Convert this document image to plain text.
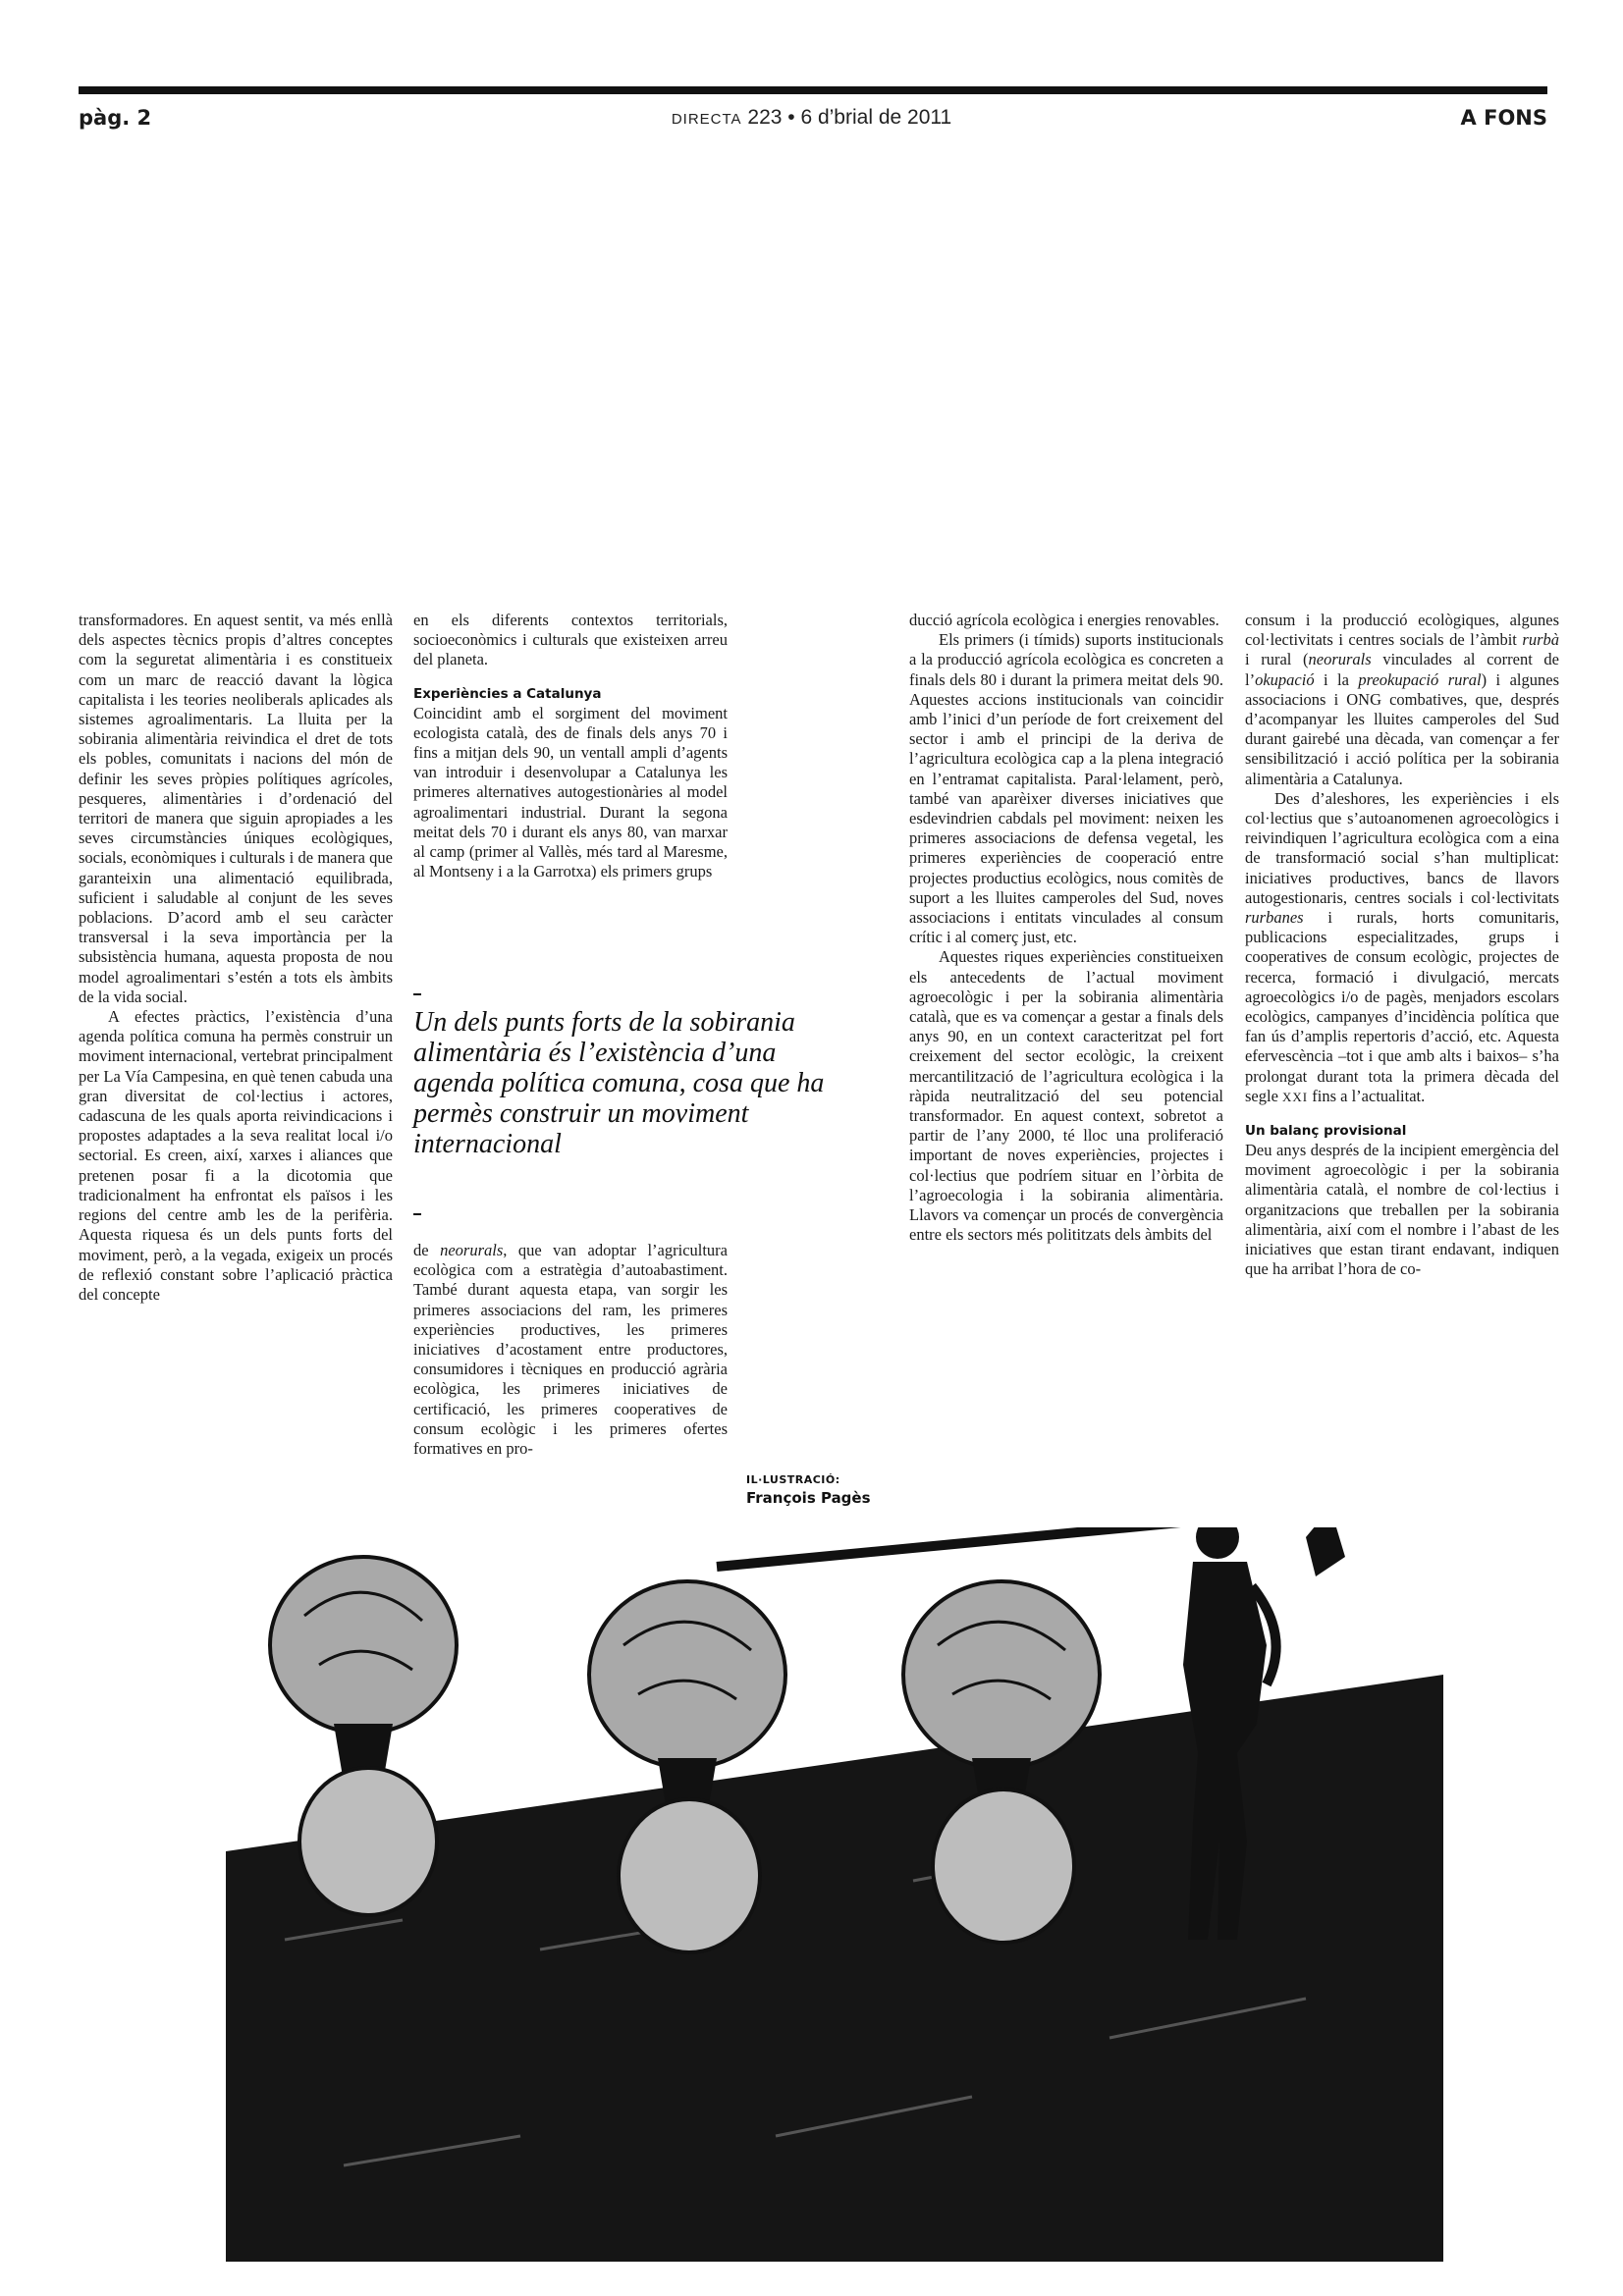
pàg. 2	DIRECTA 223 • 6 d’brial de 2011	A FONS

transformadores. En aquest sentit, va més enllà dels aspectes tècnics propis d’altres conceptes com la seguretat alimentària i es constitueix com un marc de reacció davant la lògica capitalista i les teories neoliberals aplicades als sistemes agroalimentaris. La lluita per la sobirania alimentària reivindica el dret de tots els pobles, comunitats i nacions del món de definir les seves pròpies polítiques agrícoles, pesqueres, alimentàries i d’ordenació del territori de manera que siguin apropiades a les seves circumstàncies úniques ecològiques, socials, econòmiques i culturals i de manera que garanteixin una alimentació equilibrada, suficient i saludable al conjunt de les seves poblacions. D’acord amb el seu caràcter transversal i la seva importància per la subsistència humana, aquesta proposta de nou model agroalimentari s’estén a tots els àmbits de la vida social.

A efectes pràctics, l’existència d’una agenda política comuna ha permès construir un moviment internacional, vertebrat principalment per La Vía Campesina, en què tenen cabuda una gran diversitat de col·lectius i actores, cadascuna de les quals aporta reivindicacions i propostes adaptades a la seva realitat local i/o sectorial. Es creen, així, xarxes i aliances que pretenen posar fi a la dicotomia que tradicionalment ha enfrontat els països i les regions del centre amb les de la perifèria. Aquesta riquesa és un dels punts forts del moviment, però, a la vegada, exigeix un procés de reflexió constant sobre l’aplicació pràctica del concepte

en els diferents contextos territorials, socioeconòmics i culturals que existeixen arreu del planeta.

Experiències a Catalunya

Coincidint amb el sorgiment del moviment ecologista català, des de finals dels anys 70 i fins a mitjan dels 90, un ventall ampli d’agents van introduir i desenvolupar a Catalunya les primeres alternatives autogestionàries al model agroalimentari industrial. Durant la segona meitat dels 70 i durant els anys 80, van marxar al camp (primer al Vallès, més tard al Maresme, al Montseny i a la Garrotxa) els primers grups

Un dels punts forts de la sobirania alimentària és l’existència d’una agenda política comuna, cosa que ha permès construir un moviment internacional

de neorurals, que van adoptar l’agricultura ecològica com a estratègia d’autoabastiment. També durant aquesta etapa, van sorgir les primeres associacions del ram, les primeres experiències productives, les primeres iniciatives d’acostament entre productores, consumidores i tècniques en producció agrària ecològica, les primeres iniciatives de certificació, les primeres cooperatives de consum ecològic i les primeres ofertes formatives en pro-

IL·LUSTRACIÓ:
François Pagès

ducció agrícola ecològica i energies renovables.

Els primers (i tímids) suports institucionals a la producció agrícola ecològica es concreten a finals dels 80 i durant la primera meitat dels 90. Aquestes accions institucionals van coincidir amb l’inici d’un període de fort creixement del sector i amb el principi de la deriva de l’agricultura ecològica cap a la plena integració en l’entramat capitalista. Paral·lelament, però, també van aparèixer diverses iniciatives que esdevindrien cabdals pel moviment: neixen les primeres associacions de defensa vegetal, les primeres experiències de cooperació entre projectes productius ecològics, nous comitès de suport a les lluites camperoles del Sud, noves associacions i entitats vinculades al consum crític i al comerç just, etc.

Aquestes riques experiències constitueixen els antecedents de l’actual moviment agroecològic i per la sobirania alimentària català, que es va començar a gestar a finals dels anys 90, en un context caracteritzat pel fort creixement del sector ecològic, la creixent mercantilització de l’agricultura ecològica i la ràpida neutralització del seu potencial transformador. En aquest context, sobretot a partir de l’any 2000, té lloc una proliferació important de noves experiències, projectes i col·lectius que podríem situar en l’òrbita de l’agroecologia i la sobirania alimentària. Llavors va començar un procés de convergència entre els sectors més polititzats dels àmbits del

consum i la producció ecològiques, algunes col·lectivitats i centres socials de l’àmbit rurbà i rural (neorurals vinculades al corrent de l’okupació i la preokupació rural) i algunes associacions i ONG combatives, que, després d’acompanyar les lluites camperoles del Sud durant gairebé una dècada, van començar a fer sensibilització i acció política per la sobirania alimentària a Catalunya.

Des d’aleshores, les experiències i els col·lectius que s’autoanomenen agroecològics i reivindiquen l’agricultura ecològica com a eina de transformació social s’han multiplicat: iniciatives productives, bancs de llavors autogestionaris, centres socials i col·lectivitats rurbanes i rurals, horts comunitaris, publicacions especialitzades, grups i cooperatives de consum ecològic, projectes de recerca, formació i divulgació, mercats agroecològics i/o de pagès, menjadors escolars ecològics, campanyes d’incidència política que fan ús d’amplis repertoris d’acció, etc. Aquesta efervescència –tot i que amb alts i baixos– s’ha prolongat durant tota la primera dècada del segle XXI fins a l’actualitat.

Un balanç provisional

Deu anys després de la incipient emergència del moviment agroecològic i per la sobirania alimentària català, el nombre de col·lectius i organitzacions que treballen per la sobirania alimentària, així com el nombre i l’abast de les iniciatives que estan tirant endavant, indiquen que ha arribat l’hora de co-
